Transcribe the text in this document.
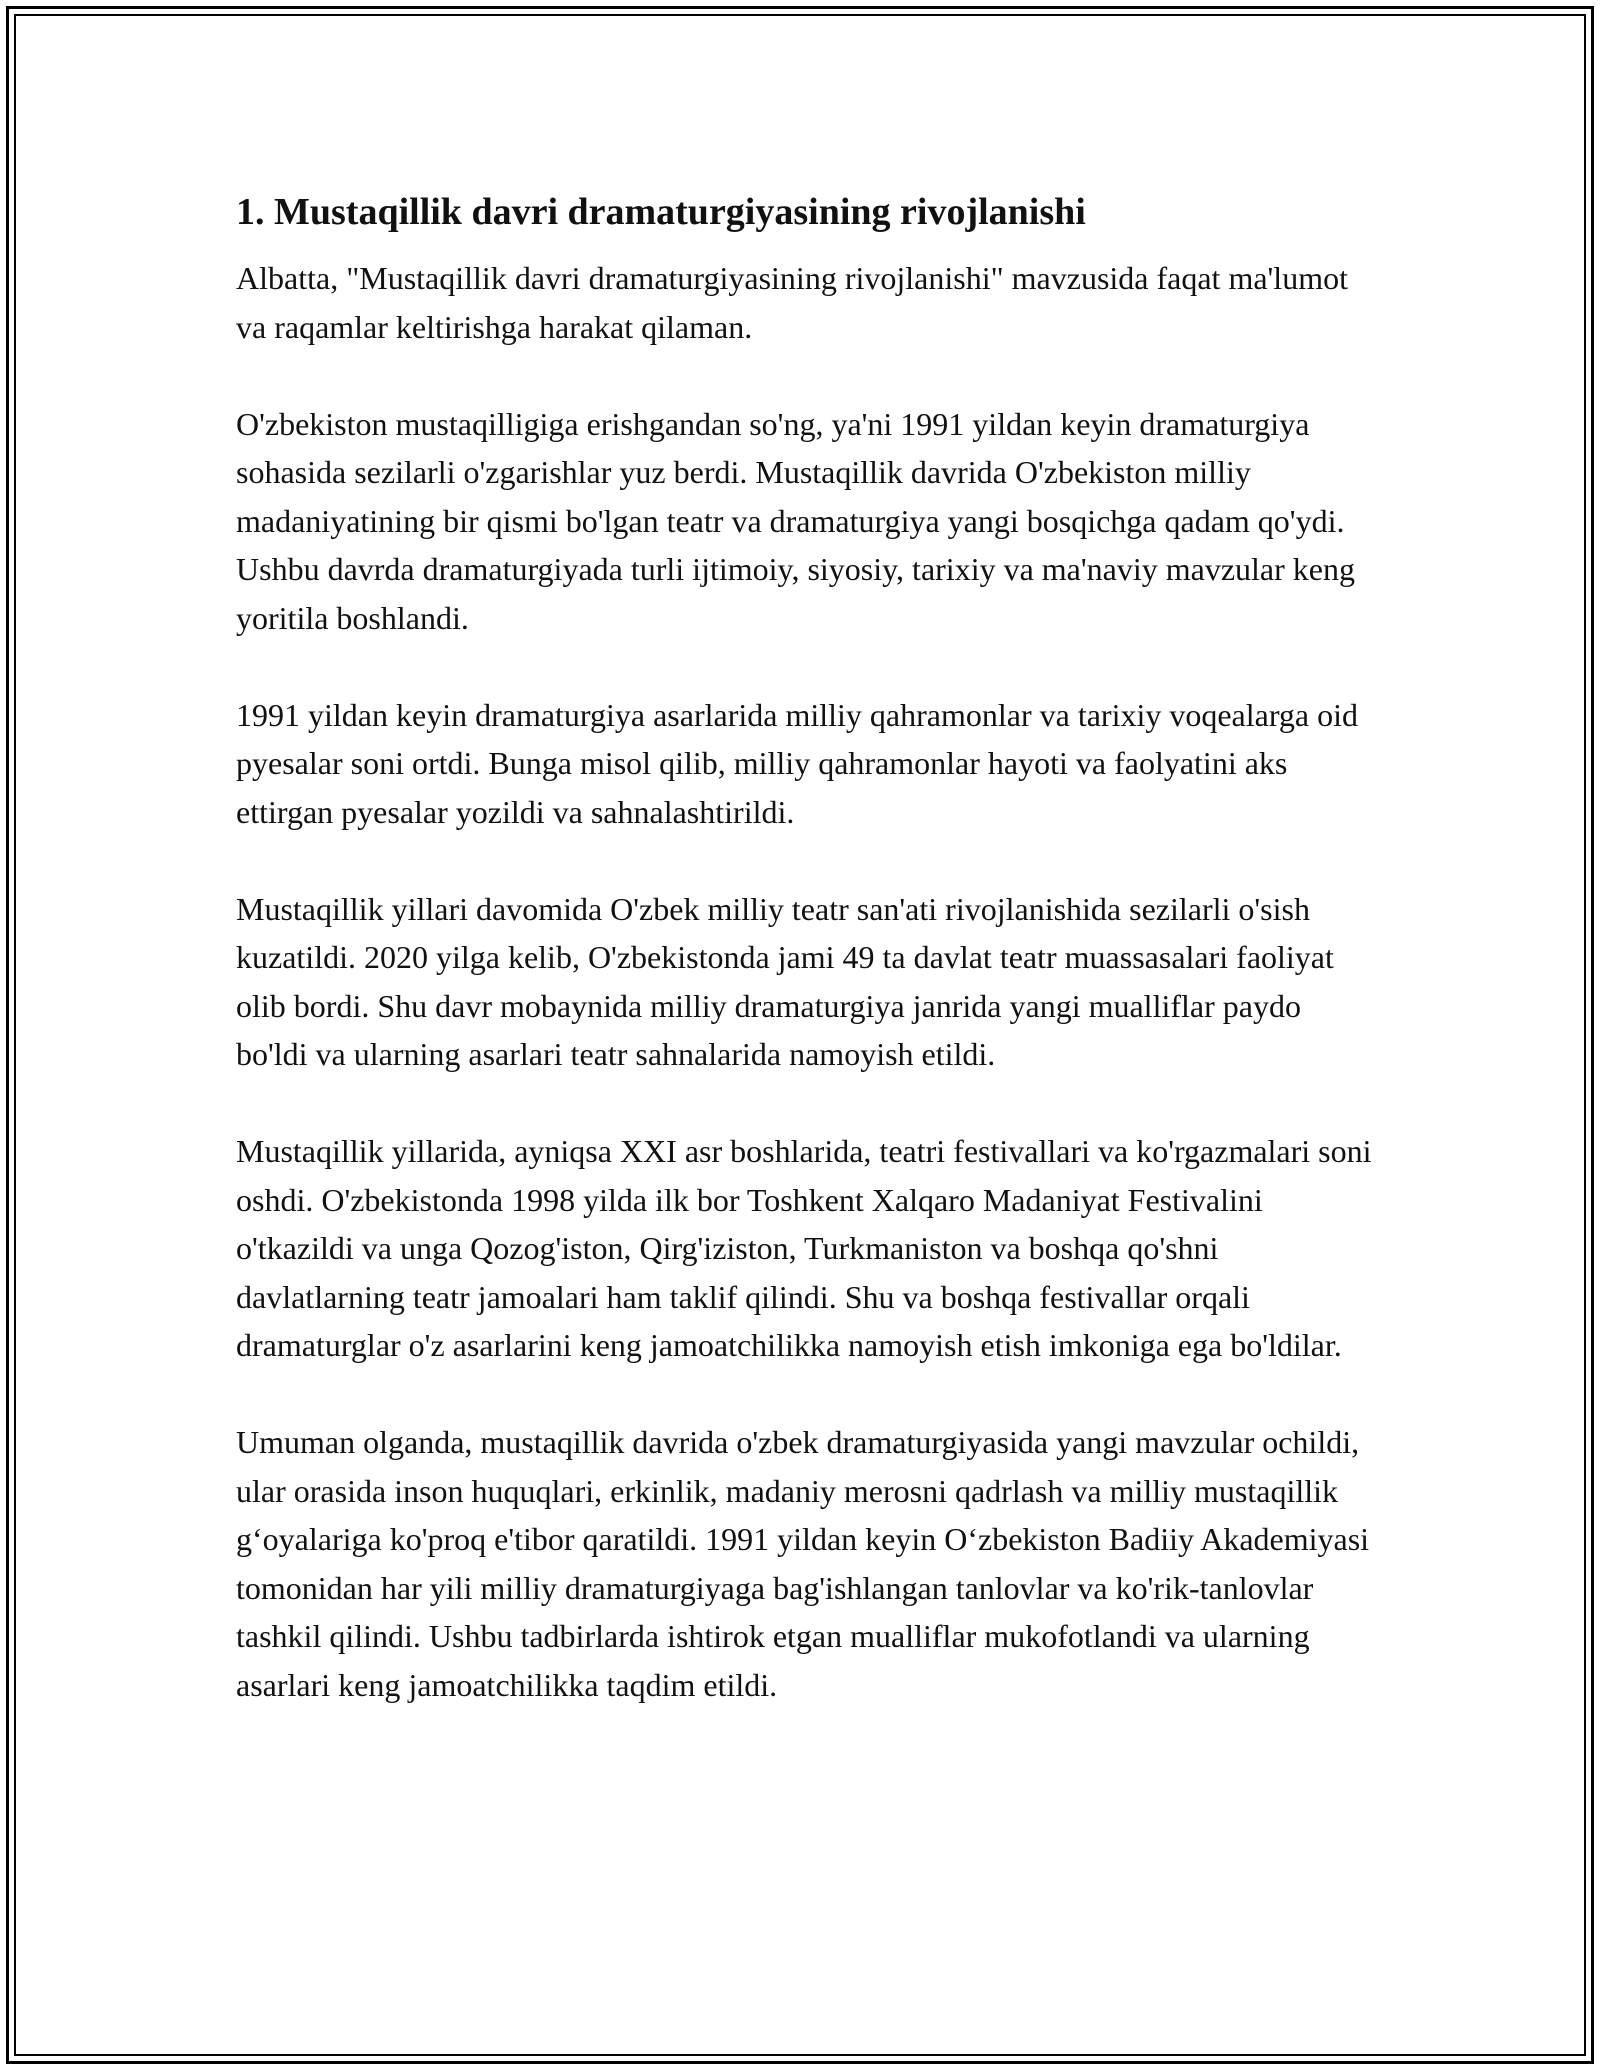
1. Mustaqillik davri dramaturgiyasining rivojlanishi

Albatta, "Mustaqillik davri dramaturgiyasining rivojlanishi" mavzusida faqat ma'lumot va raqamlar keltirishga harakat qilaman.

O'zbekiston mustaqilligiga erishgandan so'ng, ya'ni 1991 yildan keyin dramaturgiya sohasida sezilarli o'zgarishlar yuz berdi. Mustaqillik davrida O'zbekiston milliy madaniyatining bir qismi bo'lgan teatr va dramaturgiya yangi bosqichga qadam qo'ydi. Ushbu davrda dramaturgiyada turli ijtimoiy, siyosiy, tarixiy va ma'naviy mavzular keng yoritila boshlandi.

1991 yildan keyin dramaturgiya asarlarida milliy qahramonlar va tarixiy voqealarga oid pyesalar soni ortdi. Bunga misol qilib, milliy qahramonlar hayoti va faolyatini aks ettirgan pyesalar yozildi va sahnalashtirildi.

Mustaqillik yillari davomida O'zbek milliy teatr san'ati rivojlanishida sezilarli o'sish kuzatildi. 2020 yilga kelib, O'zbekistonda jami 49 ta davlat teatr muassasalari faoliyat olib bordi. Shu davr mobaynida milliy dramaturgiya janrida yangi mualliflar paydo bo'ldi va ularning asarlari teatr sahnalarida namoyish etildi.

Mustaqillik yillarida, ayniqsa XXI asr boshlarida, teatri festivallari va ko'rgazmalari soni oshdi. O'zbekistonda 1998 yilda ilk bor Toshkent Xalqaro Madaniyat Festivalini o'tkazildi va unga Qozog'iston, Qirg'iziston, Turkmaniston va boshqa qo'shni davlatlarning teatr jamoalari ham taklif qilindi. Shu va boshqa festivallar orqali dramaturglar o'z asarlarini keng jamoatchilikka namoyish etish imkoniga ega bo'ldilar.

Umuman olganda, mustaqillik davrida o'zbek dramaturgiyasida yangi mavzular ochildi, ular orasida inson huquqlari, erkinlik, madaniy merosni qadrlash va milliy mustaqillik g‘oyalariga ko'proq e'tibor qaratildi. 1991 yildan keyin O‘zbekiston Badiiy Akademiyasi tomonidan har yili milliy dramaturgiyaga bag'ishlangan tanlovlar va ko'rik-tanlovlar tashkil qilindi. Ushbu tadbirlarda ishtirok etgan mualliflar mukofotlandi va ularning asarlari keng jamoatchilikka taqdim etildi.
